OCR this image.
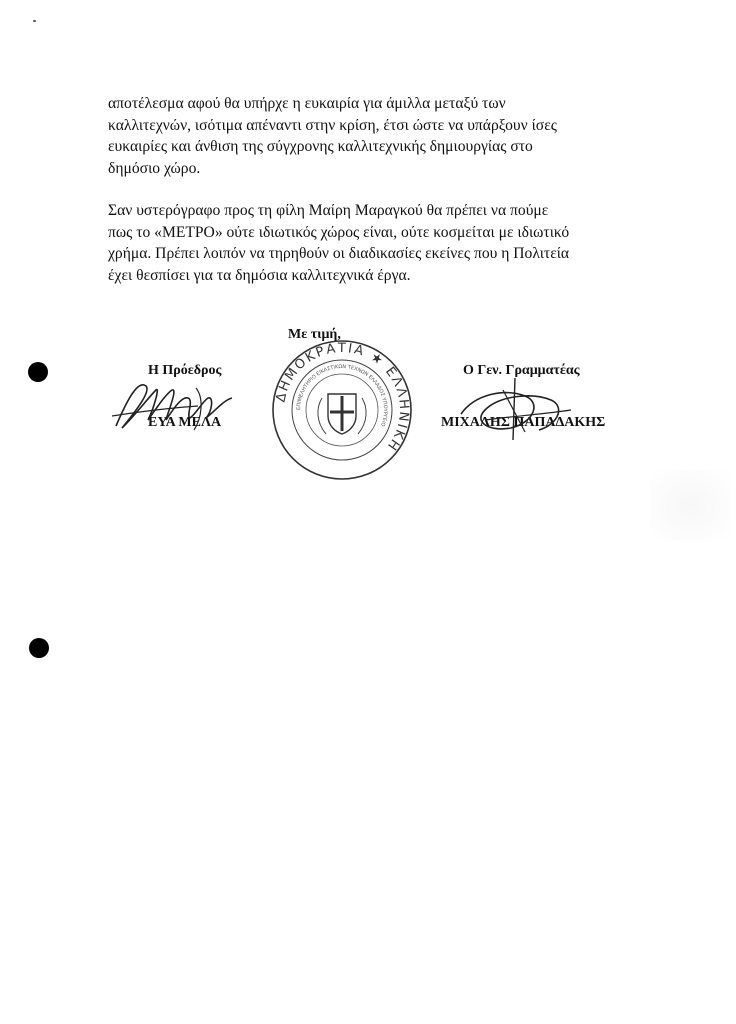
αποτέλεσμα αφού θα υπήρχε η ευκαιρία για άμιλλα μεταξύ των
καλλιτεχνών, ισότιμα απέναντι στην κρίση, έτσι ώστε να υπάρξουν ίσες
ευκαιρίες και άνθιση της σύγχρονης καλλιτεχνικής δημιουργίας στο
δημόσιο χώρο.

Σαν υστερόγραφο προς τη φίλη Μαίρη Μαραγκού θα πρέπει να πούμε
πως το «ΜΕΤΡΟ» ούτε ιδιωτικός χώρος είναι, ούτε κοσμείται με ιδιωτικό
χρήμα. Πρέπει λοιπόν να τηρηθούν οι διαδικασίες εκείνες που η Πολιτεία
έχει θεσπίσει για τα δημόσια καλλιτεχνικά έργα.

Με τιμή,
Η Πρόεδρος	Ο Γεν. Γραμματέας
ΕΥΑ ΜΕΛΑ	ΜΙΧΑΛΗΣ ΠΑΠΑΔΑΚΗΣ
ΔΗΜΟΚΡΑΤΙΑ ★ ΕΛΛΗΝΙΚΗ
ΕΠΙΜΕΛΗΤΗΡΙΟ ΕΙΚΑΣΤΙΚΩΝ ΤΕΧΝΩΝ ΕΛΛΑΔΟΣ ΥΠΟΥΡΓΕΙΟ
